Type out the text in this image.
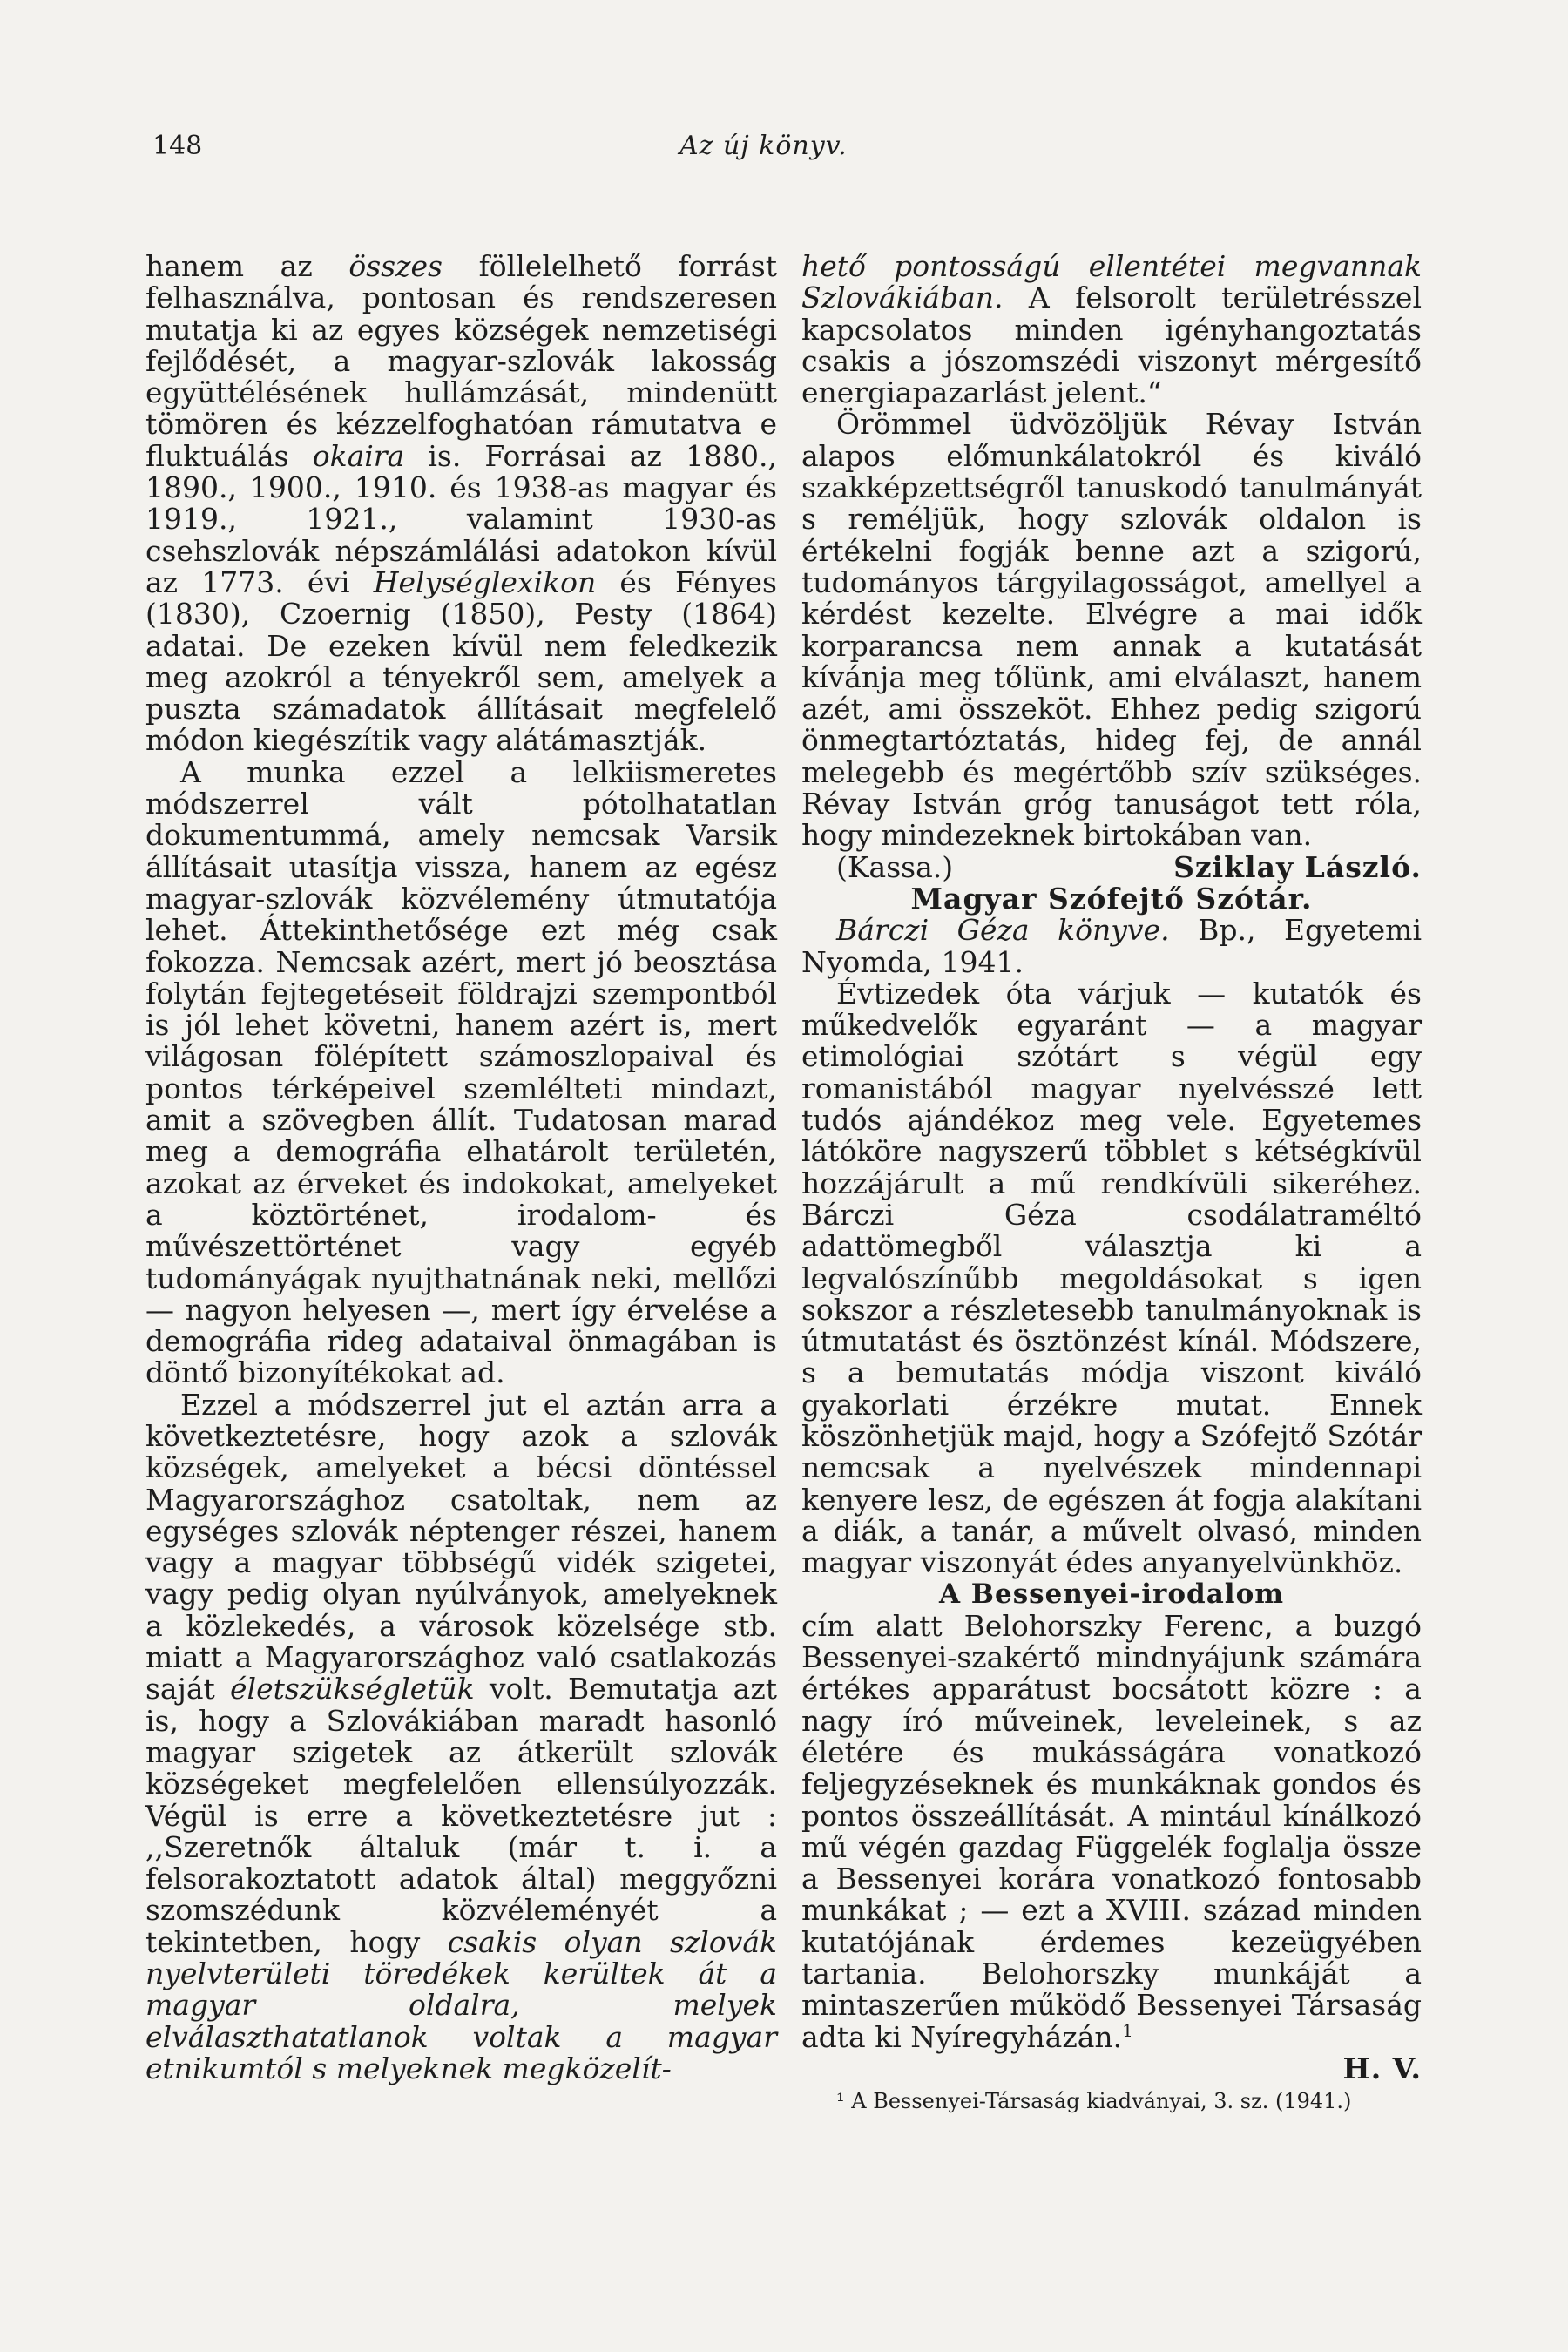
148	Az új könyv.

hanem az összes föllelelhető forrást felhasználva, pontosan és rendszeresen mutatja ki az egyes községek nemzetiségi fejlődését, a magyar-szlovák lakosság együttélésének hullámzását, mindenütt tömören és kézzelfoghatóan rámutatva e fluktuálás okaira is. Forrásai az 1880., 1890., 1900., 1910. és 1938-as magyar és 1919., 1921., valamint 1930-as csehszlovák népszámlálási adatokon kívül az 1773. évi Helységlexikon és Fényes (1830), Czoernig (1850), Pesty (1864) adatai. De ezeken kívül nem feledkezik meg azokról a tényekről sem, amelyek a puszta számadatok állításait megfelelő módon kiegészítik vagy alátámasztják.

A munka ezzel a lelkiismeretes módszerrel vált pótolhatatlan dokumentummá, amely nemcsak Varsik állításait utasítja vissza, hanem az egész magyar-szlovák közvélemény útmutatója lehet. Áttekinthetősége ezt még csak fokozza. Nemcsak azért, mert jó beosztása folytán fejtegetéseit földrajzi szempontból is jól lehet követni, hanem azért is, mert világosan fölépített számoszlopaival és pontos térképeivel szemlélteti mindazt, amit a szövegben állít. Tudatosan marad meg a demográfia elhatárolt területén, azokat az érveket és indokokat, amelyeket a köztörténet, irodalom- és művészettörténet vagy egyéb tudományágak nyujthatnának neki, mellőzi — nagyon helyesen —, mert így érvelése a demográfia rideg adataival önmagában is döntő bizonyítékokat ad.

Ezzel a módszerrel jut el aztán arra a következtetésre, hogy azok a szlovák községek, amelyeket a bécsi döntéssel Magyarországhoz csatoltak, nem az egységes szlovák néptenger részei, hanem vagy a magyar többségű vidék szigetei, vagy pedig olyan nyúlványok, amelyeknek a közlekedés, a városok közelsége stb. miatt a Magyarországhoz való csatlakozás saját életszükségletük volt. Bemutatja azt is, hogy a Szlovákiában maradt hasonló magyar szigetek az átkerült szlovák községeket megfelelően ellensúlyozzák. Végül is erre a következtetésre jut : ,,Szeretnők általuk (már t. i. a felsorakoztatott adatok által) meggyőzni szomszédunk közvéleményét a tekintetben, hogy csakis olyan szlovák nyelvterületi töredékek kerültek át a magyar oldalra, melyek elválaszthatatlanok voltak a magyar etnikumtól s melyeknek megközelít-

hető pontosságú ellentétei megvannak Szlovákiában. A felsorolt területrésszel kapcsolatos minden igényhangoztatás csakis a jószomszédi viszonyt mérgesítő energiapazarlást jelent.“

Örömmel üdvözöljük Révay István alapos előmunkálatokról és kiváló szakképzettségről tanuskodó tanulmányát s reméljük, hogy szlovák oldalon is értékelni fogják benne azt a szigorú, tudományos tárgyilagosságot, amellyel a kérdést kezelte. Elvégre a mai idők korparancsa nem annak a kutatását kívánja meg tőlünk, ami elválaszt, hanem azét, ami összeköt. Ehhez pedig szigorú önmegtartóztatás, hideg fej, de annál melegebb és megértőbb szív szükséges. Révay István gróg tanuságot tett róla, hogy mindezeknek birtokában van.

(Kassa.)	Sziklay László.

Magyar Szófejtő Szótár.

Bárczi Géza könyve. Bp., Egyetemi Nyomda, 1941.

Évtizedek óta várjuk — kutatók és műkedvelők egyaránt — a magyar etimológiai szótárt s végül egy romanistából magyar nyelvésszé lett tudós ajándékoz meg vele. Egyetemes látóköre nagyszerű többlet s kétségkívül hozzájárult a mű rendkívüli sikeréhez. Bárczi Géza csodálatraméltó adattömegből választja ki a legvalószínűbb megoldásokat s igen sokszor a részletesebb tanulmányoknak is útmutatást és ösztönzést kínál. Módszere, s a bemutatás módja viszont kiváló gyakorlati érzékre mutat. Ennek köszönhetjük majd, hogy a Szófejtő Szótár nemcsak a nyelvészek mindennapi kenyere lesz, de egészen át fogja alakítani a diák, a tanár, a művelt olvasó, minden magyar viszonyát édes anyanyelvünkhöz.

A Bessenyei-irodalom

cím alatt Belohorszky Ferenc, a buzgó Bessenyei-szakértő mindnyájunk számára értékes apparátust bocsátott közre : a nagy író műveinek, leveleinek, s az életére és mukásságára vonatkozó feljegyzéseknek és munkáknak gondos és pontos összeállítását. A mintául kínálkozó mű végén gazdag Függelék foglalja össze a Bessenyei korára vonatkozó fontosabb munkákat ; — ezt a XVIII. század minden kutatójának érdemes kezeügyében tartania. Belohorszky munkáját a mintaszerűen működő Bessenyei Társaság adta ki Nyíregyházán.$^1$

H. V.
¹ A Bessenyei-Társaság kiadványai, 3. sz. (1941.)
